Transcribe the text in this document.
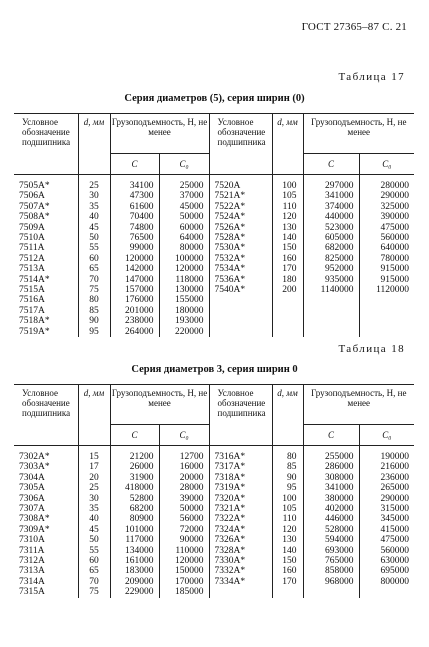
ГОСТ 27365–87 С. 21
Таблица 17
Серия диаметров (5), серия ширин (0)
Условное обозначение подшипника	d, мм	Грузоподъемность, Н, не менее		Условное обозначение подшипника	d, мм	Грузоподъемность, Н, не менее	
		C	C₀			C	C₀
7505A*	25	34100	25000	7520A	100	297000	280000
7506A	30	47300	37000	7521A*	105	341000	290000
7507A*	35	61600	45000	7522A*	110	374000	325000
7508A*	40	70400	50000	7524A*	120	440000	390000
7509A	45	74800	60000	7526A*	130	523000	475000
7510A	50	76500	64000	7528A*	140	605000	560000
7511A	55	99000	80000	7530A*	150	682000	640000
7512A	60	120000	100000	7532A*	160	825000	780000
7513A	65	142000	120000	7534A*	170	952000	915000
7514A*	70	147000	118000	7536A*	180	935000	915000
7515A	75	157000	130000	7540A*	200	1140000	1120000
7516A	80	176000	155000				
7517A	85	201000	180000				
7518A*	90	238000	193000				
7519A*	95	264000	220000				
Таблица 18
Серия диаметров 3, серия ширин 0
Условное обозначение подшипника	d, мм	Грузоподъемность, Н, не менее		Условное обозначение подшипника	d, мм	Грузоподъемность, Н, не менее	
		C	C₀			C	C₀
7302A*	15	21200	12700	7316A*	80	255000	190000
7303A*	17	26000	16000	7317A*	85	286000	216000
7304A	20	31900	20000	7318A*	90	308000	236000
7305A	25	418000	28000	7319A*	95	341000	265000
7306A	30	52800	39000	7320A*	100	380000	290000
7307A	35	68200	50000	7321A*	105	402000	315000
7308A*	40	80900	56000	7322A*	110	446000	345000
7309A*	45	101000	72000	7324A*	120	528000	415000
7310A	50	117000	90000	7326A*	130	594000	475000
7311A	55	134000	110000	7328A*	140	693000	560000
7312A	60	161000	120000	7330A*	150	765000	630000
7313A	65	183000	150000	7332A*	160	858000	695000
7314A	70	209000	170000	7334A*	170	968000	800000
7315A	75	229000	185000				
